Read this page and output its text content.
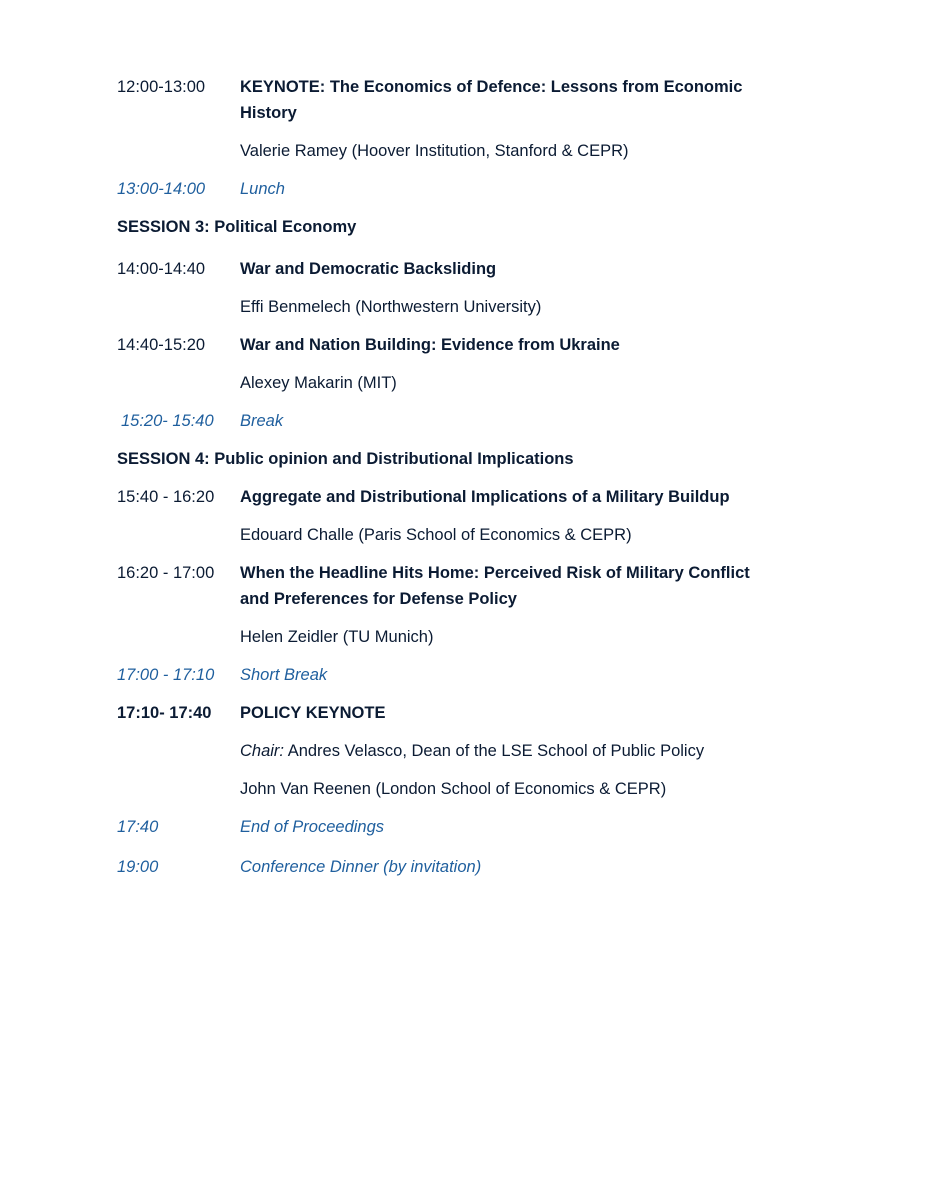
12:00-13:00 KEYNOTE: The Economics of Defence: Lessons from Economic
History
Valerie Ramey (Hoover Institution, Stanford & CEPR)
13:00-14:00 Lunch
SESSION 3: Political Economy
14:00-14:40 War and Democratic Backsliding
Effi Benmelech (Northwestern University)
14:40-15:20 War and Nation Building: Evidence from Ukraine
Alexey Makarin (MIT)
15:20- 15:40 Break
SESSION 4: Public opinion and Distributional Implications
15:40 - 16:20 Aggregate and Distributional Implications of a Military Buildup
Edouard Challe (Paris School of Economics & CEPR)
16:20 - 17:00 When the Headline Hits Home: Perceived Risk of Military Conflict
and Preferences for Defense Policy
Helen Zeidler (TU Munich)
17:00 - 17:10 Short Break
17:10- 17:40 POLICY KEYNOTE
Chair: Andres Velasco, Dean of the LSE School of Public Policy
John Van Reenen (London School of Economics & CEPR)
17:40	End of Proceedings
19:00	Conference Dinner (by invitation)
